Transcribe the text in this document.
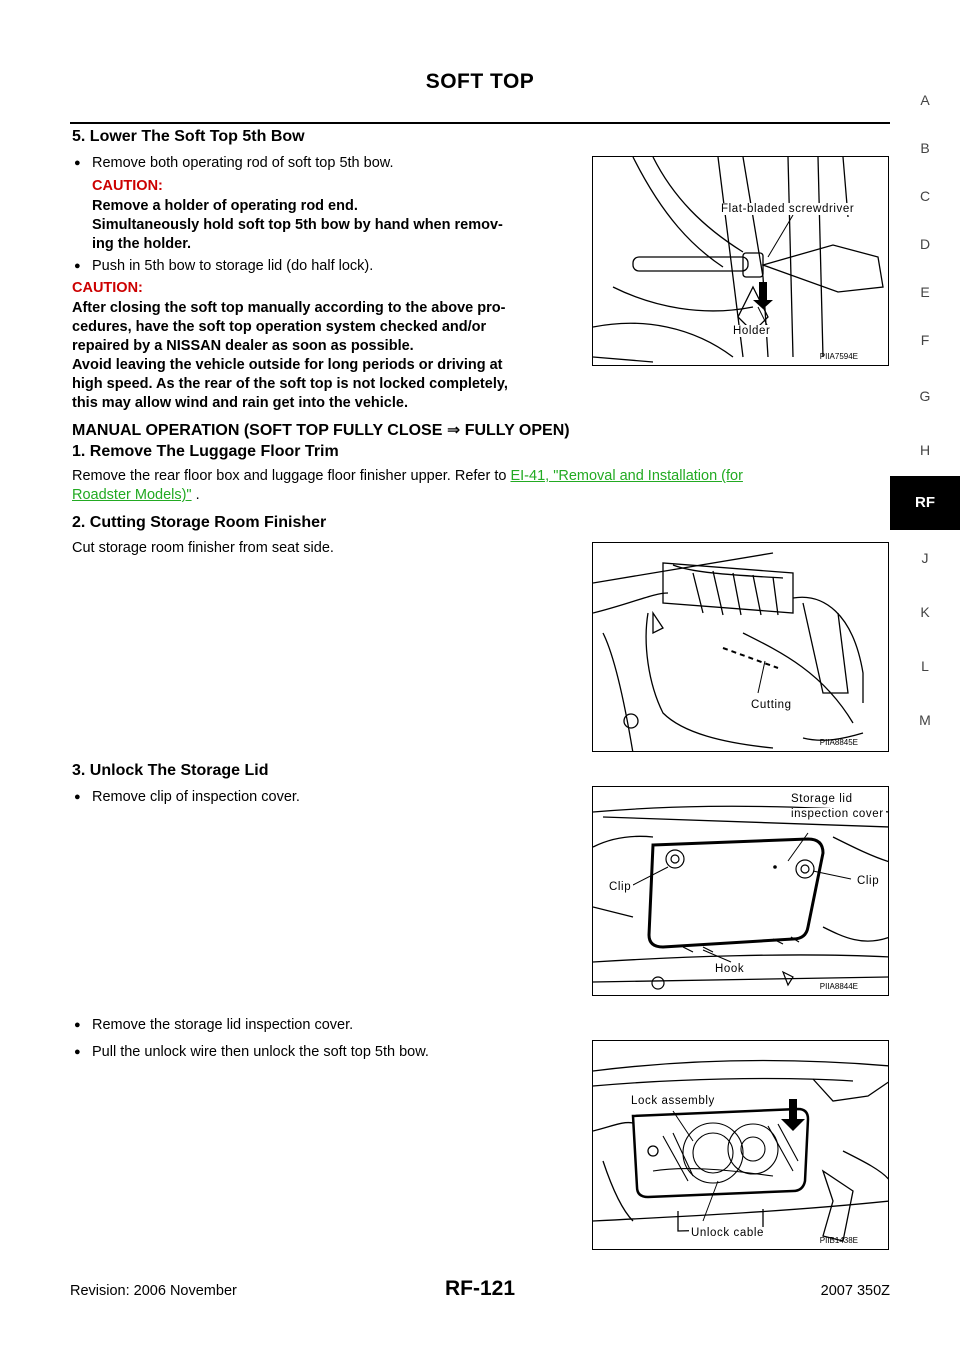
SOFT TOP
A
B
C
D
E
F
G
H
RF
J
K
L
M
5. Lower The Soft Top 5th Bow
● Remove both operating rod of soft top 5th bow.
CAUTION:
Remove a holder of operating rod end.
Simultaneously hold soft top 5th bow by hand when remov-
ing the holder.
● Push in 5th bow to storage lid (do half lock).
CAUTION:
After closing the soft top manually according to the above pro-
cedures, have the soft top operation system checked and/or
repaired by a NISSAN dealer as soon as possible.
Avoid leaving the vehicle outside for long periods or driving at
high speed. As the rear of the soft top is not locked completely,
this may allow wind and rain get into the vehicle.
Flat-bladed screwdriver
Holder
PIIA7594E
MANUAL OPERATION (SOFT TOP FULLY CLOSE ⇒ FULLY OPEN)
1. Remove The Luggage Floor Trim
Remove the rear floor box and luggage floor finisher upper. Refer to EI-41, "Removal and Installation (for
Roadster Models)" .
2. Cutting Storage Room Finisher
Cut storage room finisher from seat side.
Cutting
PIIA8845E
3. Unlock The Storage Lid
● Remove clip of inspection cover.	Storage lid
inspection cover
Clip	Clip
Hook
PIIA8844E
● Remove the storage lid inspection cover.
● Pull the unlock wire then unlock the soft top 5th bow.
Lock assembly
Unlock cable
PIIB1438E
Revision: 2006 November	RF-121	2007 350Z
